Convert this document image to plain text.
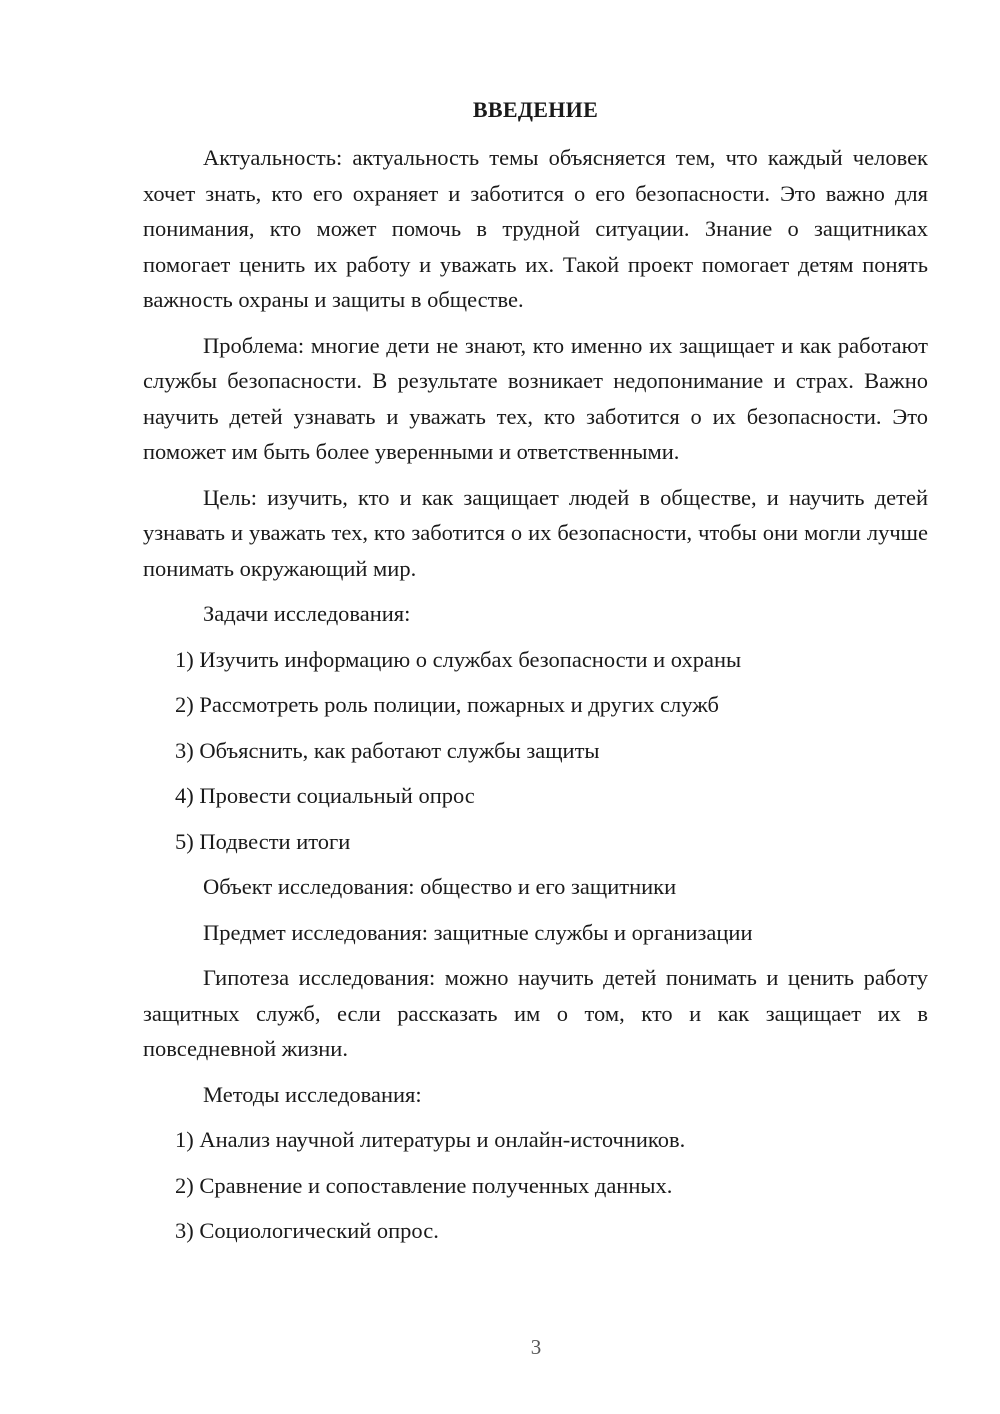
ВВЕДЕНИЕ

Актуальность: актуальность темы объясняется тем, что каждый человек хочет знать, кто его охраняет и заботится о его безопасности. Это важно для понимания, кто может помочь в трудной ситуации. Знание о защитниках помогает ценить их работу и уважать их. Такой проект помогает детям понять важность охраны и защиты в обществе.

Проблема: многие дети не знают, кто именно их защищает и как работают службы безопасности. В результате возникает недопонимание и страх. Важно научить детей узнавать и уважать тех, кто заботится о их безопасности. Это поможет им быть более уверенными и ответственными.

Цель: изучить, кто и как защищает людей в обществе, и научить детей узнавать и уважать тех, кто заботится о их безопасности, чтобы они могли лучше понимать окружающий мир.

Задачи исследования:

1) Изучить информацию о службах безопасности и охраны

2) Рассмотреть роль полиции, пожарных и других служб

3) Объяснить, как работают службы защиты

4) Провести социальный опрос

5) Подвести итоги

Объект исследования: общество и его защитники

Предмет исследования: защитные службы и организации

Гипотеза исследования: можно научить детей понимать и ценить работу защитных служб, если рассказать им о том, кто и как защищает их в повседневной жизни.

Методы исследования:

1) Анализ научной литературы и онлайн-источников.

2) Сравнение и сопоставление полученных данных.

3) Социологический опрос.

3
